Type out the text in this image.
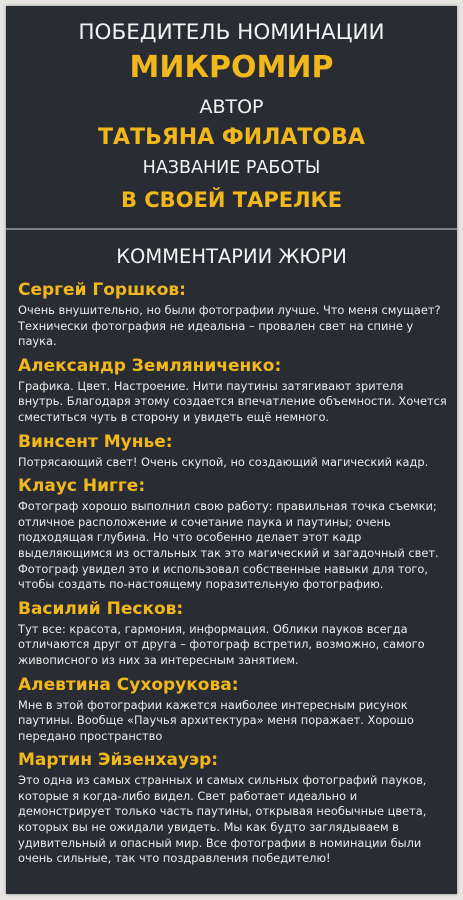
ПОБЕДИТЕЛЬ НОМИНАЦИИ
МИКРОМИР
АВТОР
ТАТЬЯНА ФИЛАТОВА
НАЗВАНИЕ РАБОТЫ
В СВОЕЙ ТАРЕЛКЕ
КОММЕНТАРИИ ЖЮРИ
Сергей Горшков:
Очень внушительно, но были фотографии лучше. Что меня смущает? Технически фотография не идеальна – провален свет на спине у паука.
Александр Земляниченко:
Графика. Цвет. Настроение. Нити паутины затягивают зрителя внутрь. Благодаря этому создается впечатление объемности. Хочется сместиться чуть в сторону и увидеть ещё немного.
Винсент Мунье:
Потрясающий свет! Очень скупой, но создающий магический кадр.
Клаус Нигге:
Фотограф хорошо выполнил свою работу: правильная точка съемки; отличное расположение и сочетание паука и паутины; очень подходящая глубина. Но что особенно делает этот кадр выделяющимся из остальных так это магический и загадочный свет. Фотограф увидел это и использовал собственные навыки для того, чтобы создать по-настоящему поразительную фотографию.
Василий Песков:
Тут все: красота, гармония, информация. Облики пауков всегда отличаются друг от друга – фотограф встретил, возможно, самого живописного из них за интересным занятием.
Алевтина Сухорукова:
Мне в этой фотографии кажется наиболее интересным рисунок паутины. Вообще «Паучья архитектура» меня поражает. Хорошо передано пространство
Мартин Эйзенхауэр:
Это одна из самых странных и самых сильных фотографий пауков, которые я когда-либо видел. Свет работает идеально и демонстрирует только часть паутины, открывая необычные цвета, которых вы не ожидали увидеть. Мы как будто заглядываем в удивительный и опасный мир. Все фотографии в номинации были очень сильные, так что поздравления победителю!
